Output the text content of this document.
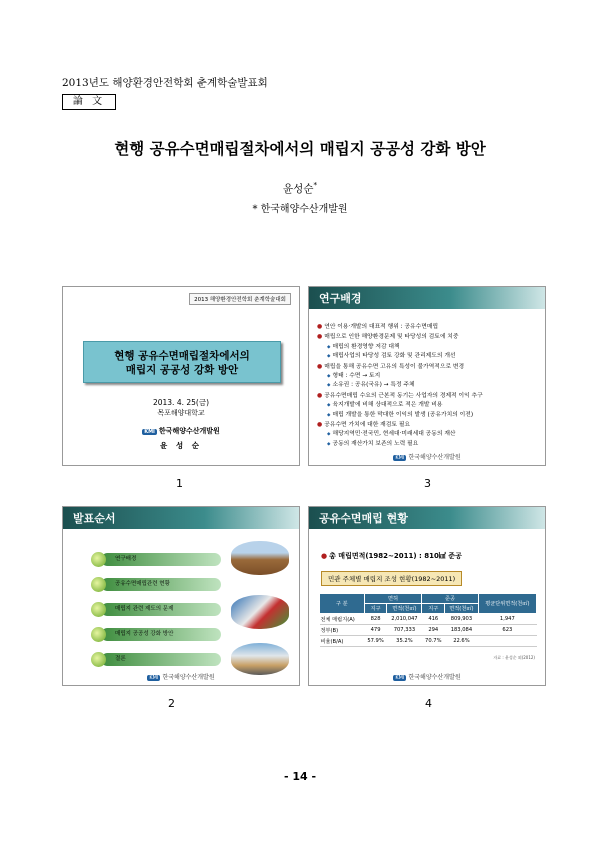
2013년도 해양환경안전학회 춘계학술발표회
論 文
현행 공유수면매립절차에서의 매립지 공공성 강화 방안
윤성순*
* 한국해양수산개발원
2013 해양환경안전학회 춘계학술대회
현행 공유수면매립절차에서의
매립지 공공성 강화 방안
2013. 4. 25(금)
목포해양대학교
KMI 한국해양수산개발원
윤 성 순
1
연구배경
● 연안 이용·개발의 대표적 행위 : 공유수면매립
● 매립으로 인한 해양환경문제 및 타당성의 검토에 치중
◆ 매립의 환경영향 저감 대책
◆ 매립사업의 타당성 검토 강화 및 관리제도의 개선
● 매립을 통해 공유수면 고유의 특성이 불가역적으로 변경
◆ 형태 : 수면 → 토지
◆ 소유권 : 공유(국유) → 특정 주체
● 공유수면매립 수요의 근본적 동기는 사업자의 경제적 이익 추구
◆ 육지개발에 비해 상대적으로 적은 개발 비용
◆ 매립 개발을 통한 막대한 이익의 발생 (공유가치의 이전)
● 공유수면 가치에 대한 재검토 필요
◆ 해당지역민·전국민, 현세대·미래세대 공동의 재산
◆ 공동의 재산가치 보존의 노력 필요
KMI 한국해양수산개발원
3
발표순서
연구배경
공유수면매립관련 현황
매립지 관련 제도의 문제
매립지 공공성 강화 방안
결론
KMI 한국해양수산개발원
2
공유수면매립 현황
● 총 매립면적(1982~2011) : 810㎢ 준공
민관 주체별 매립지 조성 현황(1982~2011)
구 분	면허		준공		평균단위면적(천㎡)
	지구	면적(천㎡)	지구	면적(천㎡)	
전체 매립지(A)	828	2,010,047	416	809,903	1,947
정부(B)	479	707,333	294	183,084	623
비율(B/A)	57.9%	35.2%	70.7%	22.6%	
자료 : 윤성순 외(2012)
KMI 한국해양수산개발원
4
- 14 -
